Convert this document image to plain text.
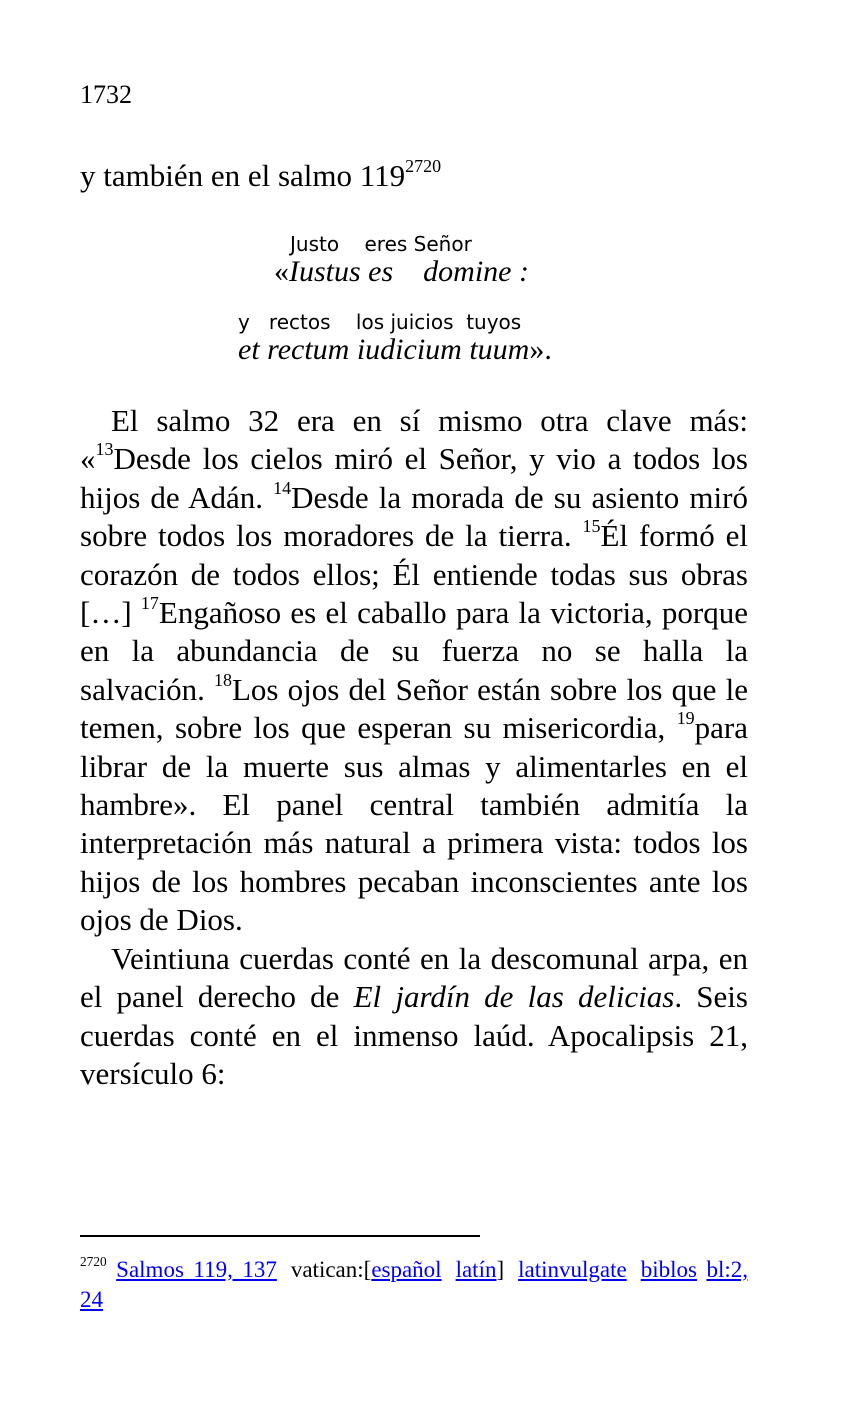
1732
y también en el salmo $119^{2720}$
Justo    eres Señor
«Iustus es    domine :
y   rectos    los juicios  tuyos
et rectum iudicium tuum».

El salmo 32 era en sí mismo otra clave más: «$^{13}$Desde los cielos miró el Señor, y vio a todos los hijos de Adán. $^{14}$Desde la morada de su asiento miró sobre todos los moradores de la tierra. $^{15}$Él formó el corazón de todos ellos; Él entiende todas sus obras […] $^{17}$Engañoso es el caballo para la victoria, porque en la abundancia de su fuerza no se halla la salvación. $^{18}$Los ojos del Señor están sobre los que le temen, sobre los que esperan su misericordia, $^{19}$para librar de la muerte sus almas y alimentarles en el hambre». El panel central también admitía la interpretación más natural a primera vista: todos los hijos de los hombres pecaban inconscientes ante los ojos de Dios.

Veintiuna cuerdas conté en la descomunal arpa, en el panel derecho de El jardín de las delicias. Seis cuerdas conté en el inmenso laúd. Apocalipsis 21, versículo 6:

$^{2720}$ Salmos 119, 137 vatican:[español latín] latinvulgate biblos bl:2, 24
